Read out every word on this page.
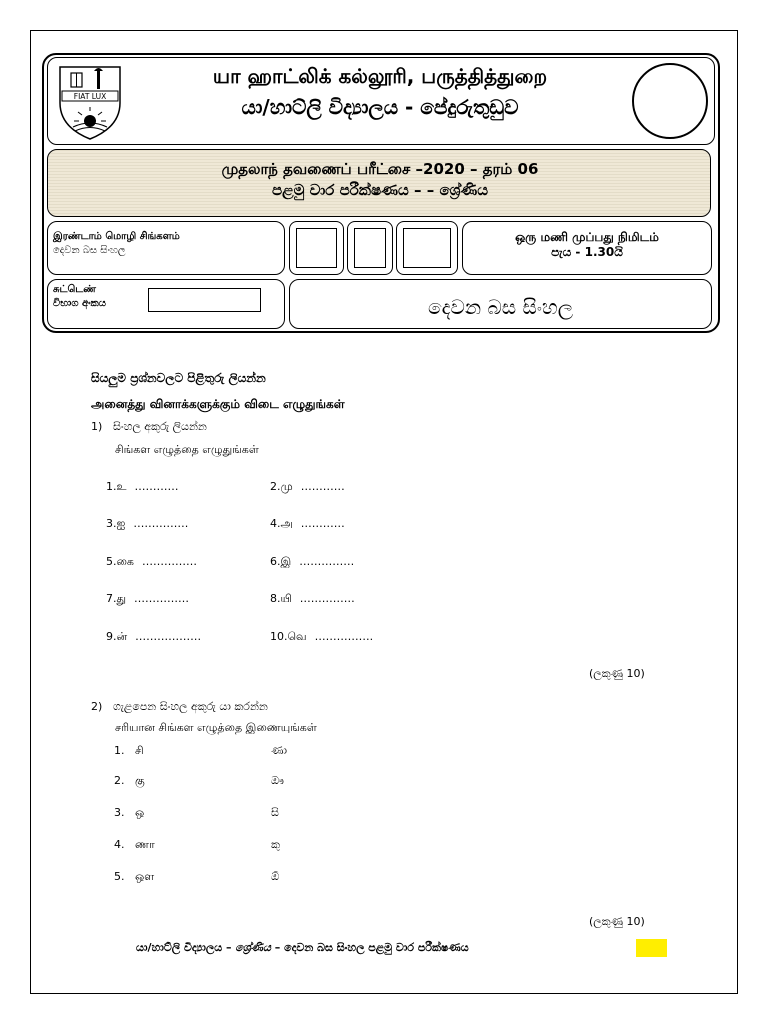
FIAT LUX
யா ஹாட்லிக் கல்லூரி, பருத்தித்துறை
යා/හාට්ලි විද්‍යාලය - පේදුරුතුඩුව
முதலாந் தவணைப் பரீட்சை –2020 – தரம் 06
පළමු වාර පරීක්ෂණය – – ශ්‍රේණිය
இரண்டாம் மொழி சிங்களம்
දෙවන බස සිංහල
ஒரு மணி முப்பது நிமிடம்
පැය - 1.30යි
சுட்டெண்
විභාග අංකය	දෙවන බස සිංහල
සියලුම ප්‍රශ්නවලට පිළිතුරු ලියන්න
அனைத்து வினாக்களுக்கும் விடை எழுதுங்கள்
1) සිංහල අකුරු ලියන්න
சிங்கள எழுத்தை எழுதுங்கள்
1.உ …………	2.மு …………
3.ஐ ……………	4.அ …………
5.கை ……………	6.இ ……………
7.து ……………	8.யி ……………
9.ன் ………………	10.வெ …………….
(ලකුණු 10)
2) ගැළපෙන සිංහල අකුරු යා කරන්න
சரியான சிங்கள எழுத்தை இணையுங்கள்
1. சி	ණා
2. கு	ඖ
3. ஒ	සි
4. ணா	කු
5. ஒள	ඕ
(ලකුණු 10)
යා/හාට්ලි විද්‍යාලය – ශ්‍රේණිය – දෙවන බස සිංහල පළමු වාර පරීක්ෂණය
